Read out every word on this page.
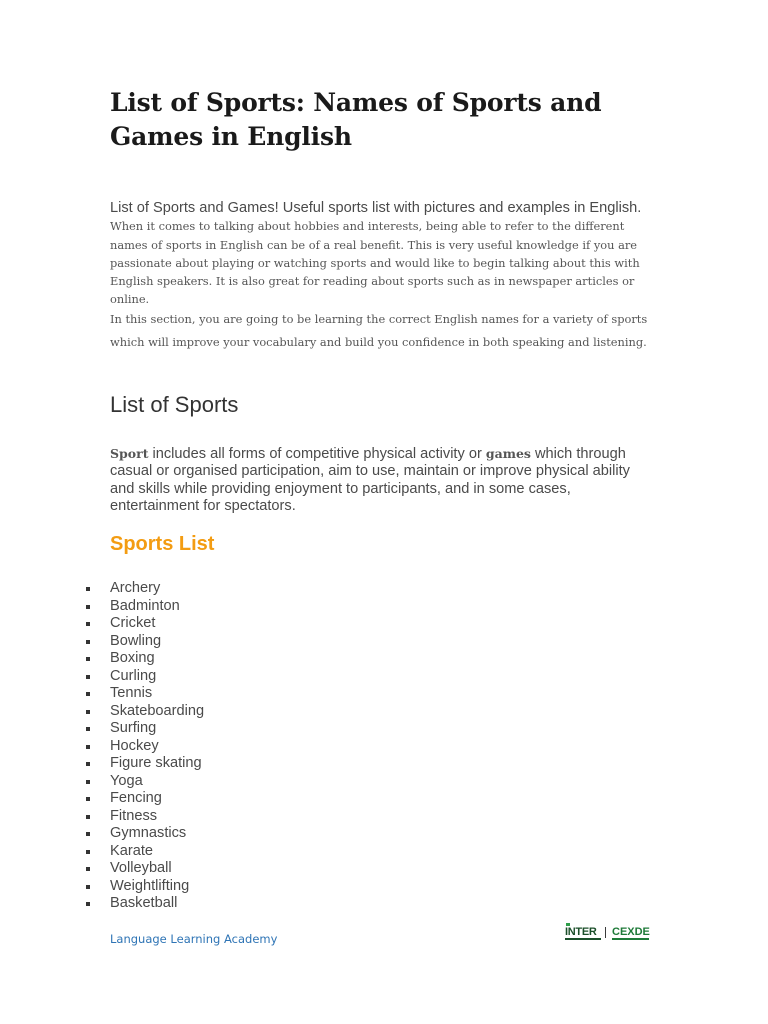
List of Sports: Names of Sports and Games in English

List of Sports and Games! Useful sports list with pictures and examples in English. When it comes to talking about hobbies and interests, being able to refer to the different names of sports in English can be of a real benefit. This is very useful knowledge if you are passionate about playing or watching sports and would like to begin talking about this with English speakers. It is also great for reading about sports such as in newspaper articles or online.

In this section, you are going to be learning the correct English names for a variety of sports which will improve your vocabulary and build you confidence in both speaking and listening.

List of Sports

Sport includes all forms of competitive physical activity or games which through casual or organised participation, aim to use, maintain or improve physical ability and skills while providing enjoyment to participants, and in some cases, entertainment for spectators.

Sports List
Archery
Badminton
Cricket
Bowling
Boxing
Curling
Tennis
Skateboarding
Surfing
Hockey
Figure skating
Yoga
Fencing
Fitness
Gymnastics
Karate
Volleyball
Weightlifting
Basketball

Language Learning Academy	INTER CEXDE
